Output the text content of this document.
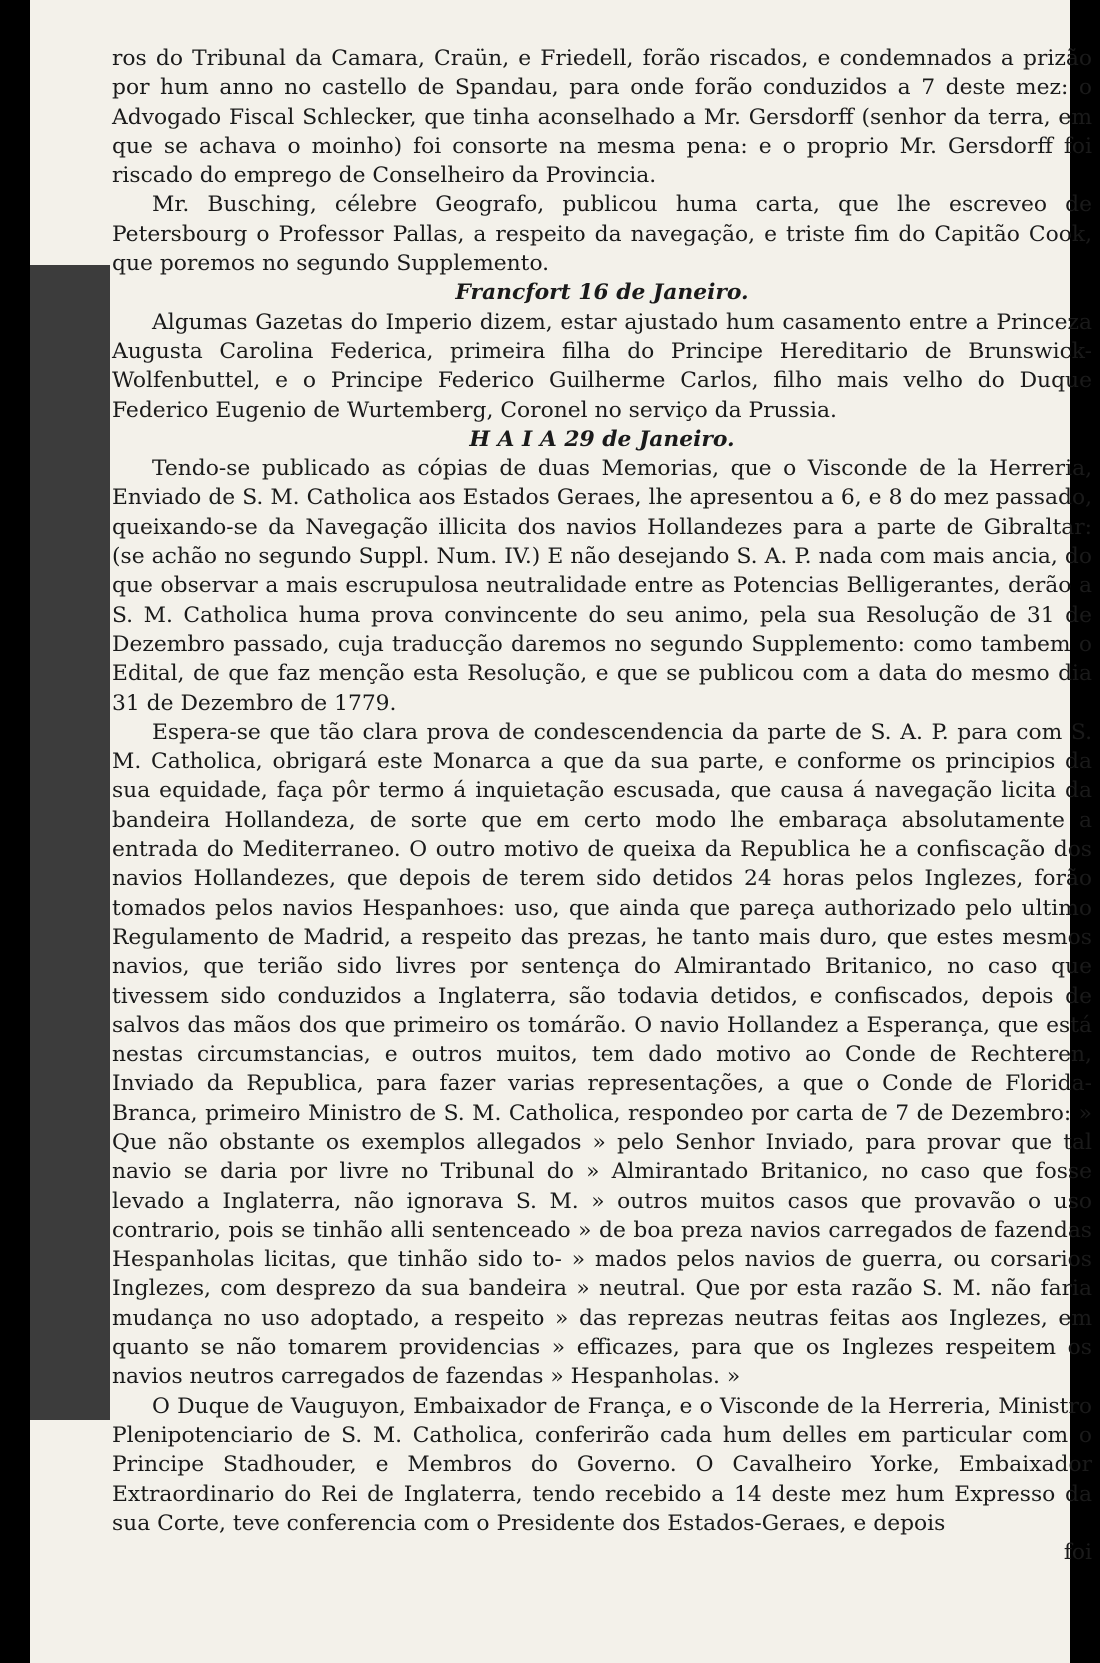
ros do Tribunal da Camara, Craün, e Friedell, forão riscados, e condemnados a prizão por hum anno no castello de Spandau, para onde forão conduzidos a 7 deste mez: o Advogado Fiscal Schlecker, que tinha aconselhado a Mr. Gersdorff (senhor da terra, em que se achava o moinho) foi consorte na mesma pena: e o proprio Mr. Gersdorff foi riscado do emprego de Conselheiro da Provincia.

Mr. Busching, célebre Geografo, publicou huma carta, que lhe escreveo de Petersbourg o Professor Pallas, a respeito da navegação, e triste fim do Capitão Cook, que poremos no segundo Supplemento.

Francfort 16 de Janeiro.

Algumas Gazetas do Imperio dizem, estar ajustado hum casamento entre a Princeza Augusta Carolina Federica, primeira filha do Principe Hereditario de Brunswick-Wolfenbuttel, e o Principe Federico Guilherme Carlos, filho mais velho do Duque Federico Eugenio de Wurtemberg, Coronel no serviço da Prussia.

H A I A 29 de Janeiro.

Tendo-se publicado as cópias de duas Memorias, que o Visconde de la Herreria, Enviado de S. M. Catholica aos Estados Geraes, lhe apresentou a 6, e 8 do mez passado, queixando-se da Navegação illicita dos navios Hollandezes para a parte de Gibraltar: (se achão no segundo Suppl. Num. IV.) E não desejando S. A. P. nada com mais ancia, do que observar a mais escrupulosa neutralidade entre as Potencias Belligerantes, derão a S. M. Catholica huma prova convincente do seu animo, pela sua Resolução de 31 de Dezembro passado, cuja traducção daremos no segundo Supplemento: como tambem o Edital, de que faz menção esta Resolução, e que se publicou com a data do mesmo dia 31 de Dezembro de 1779.

Espera-se que tão clara prova de condescendencia da parte de S. A. P. para com S. M. Catholica, obrigará este Monarca a que da sua parte, e conforme os principios da sua equidade, faça pôr termo á inquietação escusada, que causa á navegação licita da bandeira Hollandeza, de sorte que em certo modo lhe embaraça absolutamente a entrada do Mediterraneo. O outro motivo de queixa da Republica he a confiscação dos navios Hollandezes, que depois de terem sido detidos 24 horas pelos Inglezes, forão tomados pelos navios Hespanhoes: uso, que ainda que pareça authorizado pelo ultimo Regulamento de Madrid, a respeito das prezas, he tanto mais duro, que estes mesmos navios, que terião sido livres por sentença do Almirantado Britanico, no caso que tivessem sido conduzidos a Inglaterra, são todavia detidos, e confiscados, depois de salvos das mãos dos que primeiro os tomárão. O navio Hollandez a Esperança, que está nestas circumstancias, e outros muitos, tem dado motivo ao Conde de Rechteren, Inviado da Republica, para fazer varias representações, a que o Conde de Florida-Branca, primeiro Ministro de S. M. Catholica, respondeo por carta de 7 de Dezembro: » Que não obstante os exemplos allegados » pelo Senhor Inviado, para provar que tal navio se daria por livre no Tribunal do » Almirantado Britanico, no caso que fosse levado a Inglaterra, não ignorava S. M. » outros muitos casos que provavão o uso contrario, pois se tinhão alli sentenceado » de boa preza navios carregados de fazendas Hespanholas licitas, que tinhão sido to- » mados pelos navios de guerra, ou corsarios Inglezes, com desprezo da sua bandeira » neutral. Que por esta razão S. M. não faria mudança no uso adoptado, a respeito » das reprezas neutras feitas aos Inglezes, em quanto se não tomarem providencias » efficazes, para que os Inglezes respeitem os navios neutros carregados de fazendas » Hespanholas. »

O Duque de Vauguyon, Embaixador de França, e o Visconde de la Herreria, Ministro Plenipotenciario de S. M. Catholica, conferirão cada hum delles em particular com o Principe Stadhouder, e Membros do Governo. O Cavalheiro Yorke, Embaixador Extraordinario do Rei de Inglaterra, tendo recebido a 14 deste mez hum Expresso da sua Corte, teve conferencia com o Presidente dos Estados-Geraes, e depois

foi
